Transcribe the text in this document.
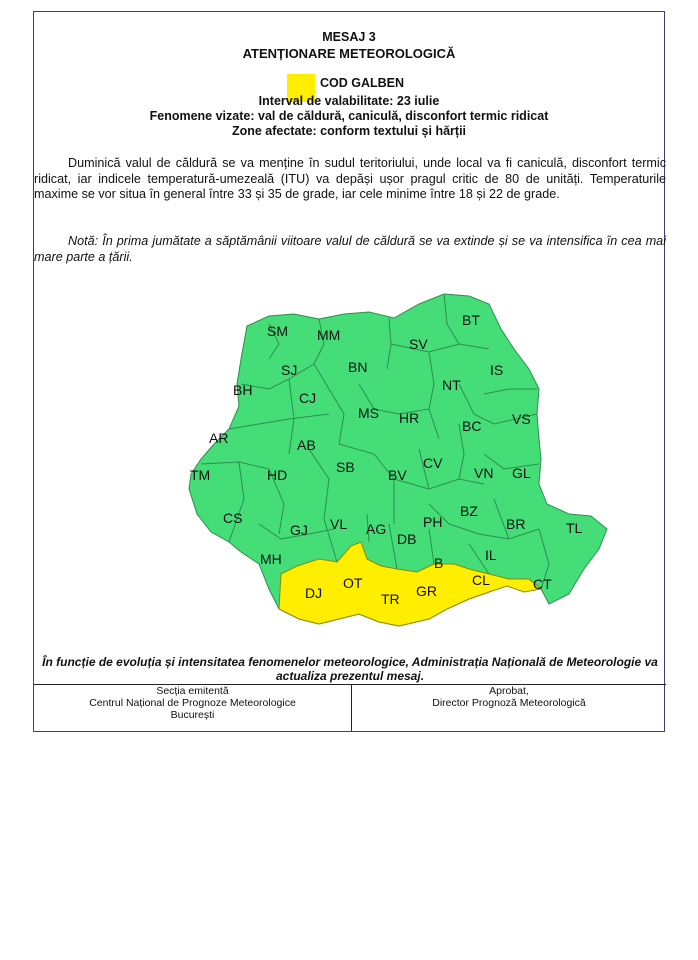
MESAJ 3
ATENȚIONARE METEOROLOGICĂ
COD GALBEN
Interval de valabilitate: 23 iulie
Fenomene vizate: val de căldură, caniculă, disconfort termic ridicat
Zone afectate: conform textului și hărții
Duminică valul de căldură se va menține în sudul teritoriului, unde local va fi caniculă, disconfort termic ridicat, iar indicele temperatură-umezeală (ITU) va depăși ușor pragul critic de 80 de unități. Temperaturile maxime se vor situa în general între 33 și 35 de grade, iar cele minime între 18 și 22 de grade.
Notă: În prima jumătate a săptămânii viitoare valul de căldură se va extinde și se va intensifica în cea mai mare parte a țării.
SM MM
BT
SV
SJ	BN	IS
BH	CJ
NT
MS HR	BC VS
AR	AB
TM	HD	SB BV
CV
VN GL
CS
GJ VL AG	PH
BZ
BR	TL
DB
MH	B	IL
DJ
OT
TR GR
CL	CT
În funcție de evoluția și intensitatea fenomenelor meteorologice, Administrația Națională de Meteorologie va actualiza prezentul mesaj.
Secția emitentă
Centrul Național de Prognoze Meteorologice
București
Aprobat,
Director Prognoză Meteorologică
